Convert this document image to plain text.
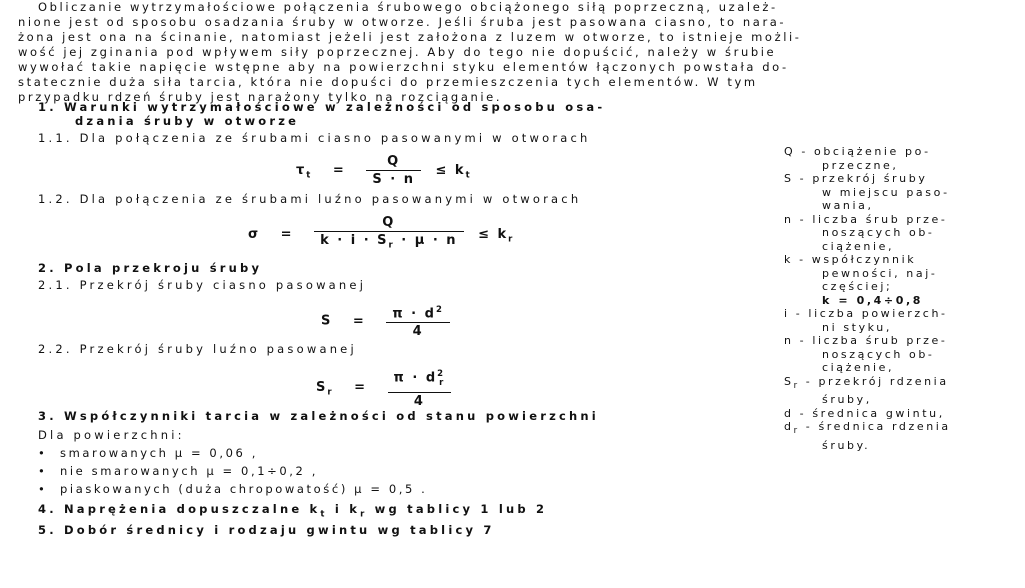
Obliczanie wytrzymałościowe połączenia śrubowego obciążonego siłą poprzeczną, uzależ-
nione jest od sposobu osadzania śruby w otworze. Jeśli śruba jest pasowana ciasno, to nara-
żona jest ona na ścinanie, natomiast jeżeli jest założona z luzem w otworze, to istnieje możli-
wość jej zginania pod wpływem siły poprzecznej. Aby do tego nie dopuścić, należy w śrubie
wywołać takie napięcie wstępne aby na powierzchni styku elementów łączonych powstała do-
statecznie duża siła tarcia, która nie dopuści do przemieszczenia tych elementów. W tym
przypadku rdzeń śruby jest narażony tylko na rozciąganie.
1. Warunki wytrzymałościowe w zależności od sposobu osa-
dzania śruby w otworze
1.1. Dla połączenia ze śrubami ciasno pasowanymi w otworach
$\tau_t = \frac{Q}{S \cdot n} \le k_t$
1.2. Dla połączenia ze śrubami luźno pasowanymi w otworach
$\sigma = \frac{Q}{k \cdot i \cdot S_r \cdot \mu \cdot n} \le k_r$
2. Pola przekroju śruby
2.1. Przekrój śruby ciasno pasowanej
$S = \frac{\pi \cdot d^2}{4}$
2.2. Przekrój śruby luźno pasowanej
$S_r = \frac{\pi \cdot d^2_r}{4}$
3. Współczynniki tarcia w zależności od stanu powierzchni
Dla powierzchni:
• smarowanych μ = 0,06 ,
• nie smarowanych μ = 0,1÷0,2 ,
• piaskowanych (duża chropowatość) μ = 0,5 .
4. Naprężenia dopuszczalne $k_t$ i $k_r$ wg tablicy 1 lub 2
5. Dobór średnicy i rodzaju gwintu wg tablicy 7
Q - obciążenie po-
przeczne,
S - przekrój śruby
w miejscu paso-
wania,
n - liczba śrub prze-
noszących ob-
ciążenie,
k - współczynnik
pewności, naj-
częściej;
k = 0,4÷0,8
i - liczba powierzch-
ni styku,
n - liczba śrub prze-
noszących ob-
ciążenie,
$S_r$ - przekrój rdzenia
śruby,
d - średnica gwintu,
$d_r$ - średnica rdzenia
śruby.
